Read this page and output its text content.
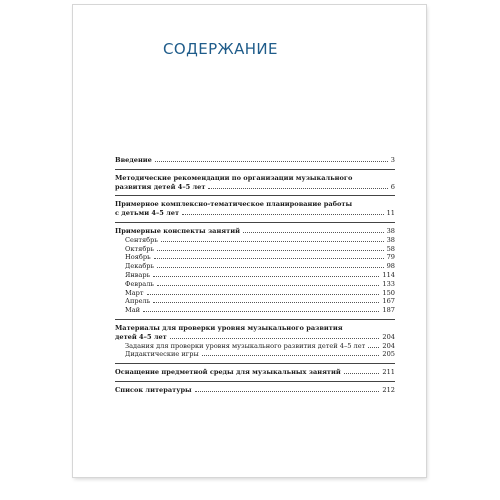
СОДЕРЖАНИЕ
Введение	3
Методические рекомендации по организации музыкального
развития детей 4–5 лет	6
Примерное комплексно-тематическое планирование работы
с детьми 4–5 лет	11
Примерные конспекты занятий	38
Сентябрь	38
Октябрь	58
Ноябрь	79
Декабрь	98
Январь	114
Февраль	133
Март	150
Апрель	167
Май	187
Материалы для проверки уровня музыкального развития
детей 4–5 лет	204
Задания для проверки уровня музыкального развития детей 4–5 лет	204
Дидактические игры	205
Оснащение предметной среды для музыкальных занятий	211
Список литературы	212
